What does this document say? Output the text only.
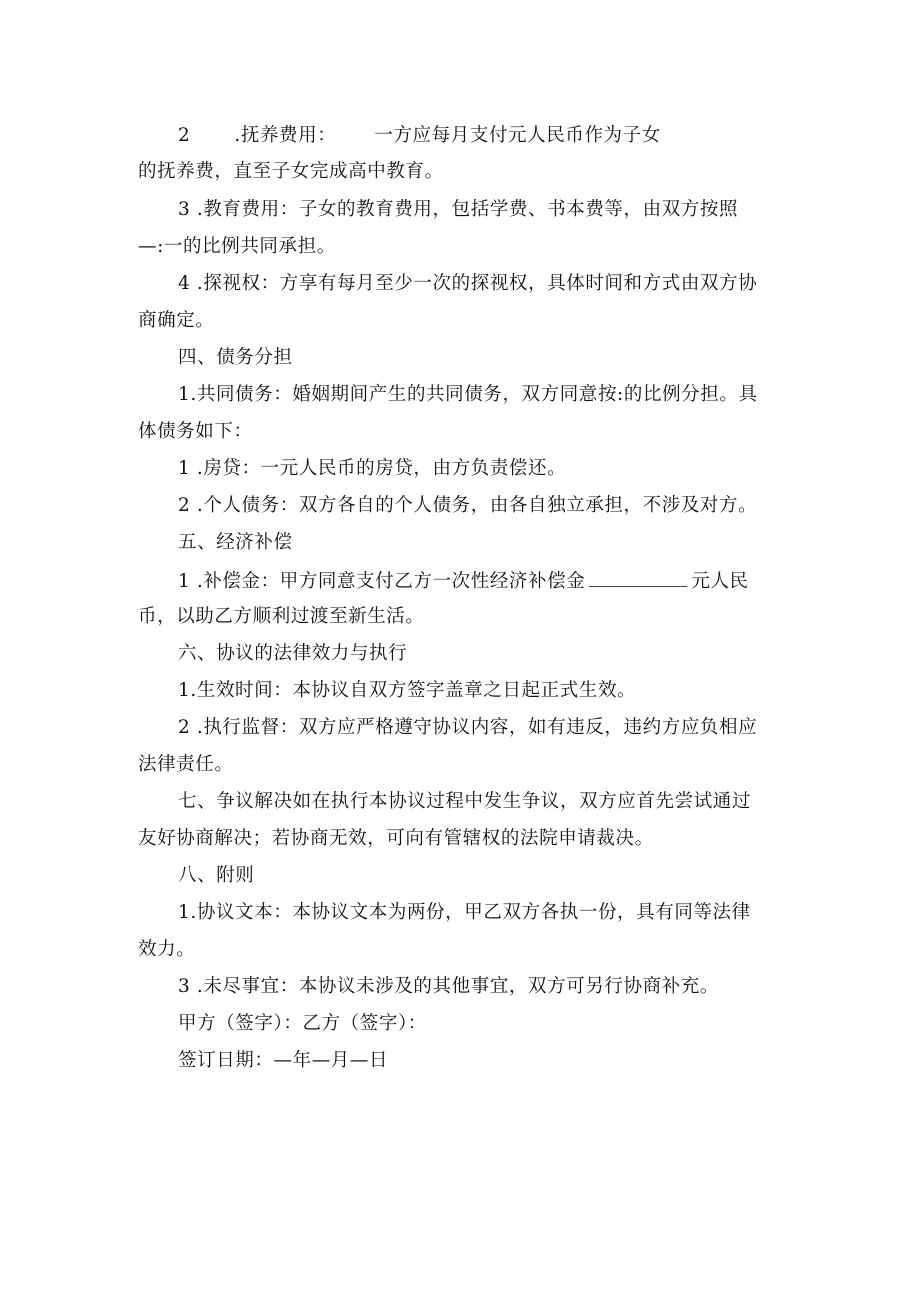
2 .抚养费用： 一方应每月支付元人民币作为子女
的抚养费，直至子女完成高中教育。
3 .教育费用：子女的教育费用，包括学费、书本费等，由双方按照
—:一的比例共同承担。
4 .探视权：方享有每月至少一次的探视权，具体时间和方式由双方协
商确定。
四、债务分担
1.共同债务：婚姻期间产生的共同债务，双方同意按:的比例分担。具
体债务如下：
1 .房贷：一元人民币的房贷，由方负责偿还。
2 .个人债务：双方各自的个人债务，由各自独立承担，不涉及对方。
五、经济补偿
1 .补偿金：甲方同意支付乙方一次性经济补偿金	元人民
币，以助乙方顺利过渡至新生活。
六、协议的法律效力与执行
1.生效时间：本协议自双方签字盖章之日起正式生效。
2 .执行监督：双方应严格遵守协议内容，如有违反，违约方应负相应
法律责任。
七、争议解决如在执行本协议过程中发生争议，双方应首先尝试通过
友好协商解决；若协商无效，可向有管辖权的法院申请裁决。
八、附则
1.协议文本：本协议文本为两份，甲乙双方各执一份，具有同等法律
效力。
3 .未尽事宜：本协议未涉及的其他事宜，双方可另行协商补充。
甲方（签字）：乙方（签字）：
签订日期：—年—月—日
